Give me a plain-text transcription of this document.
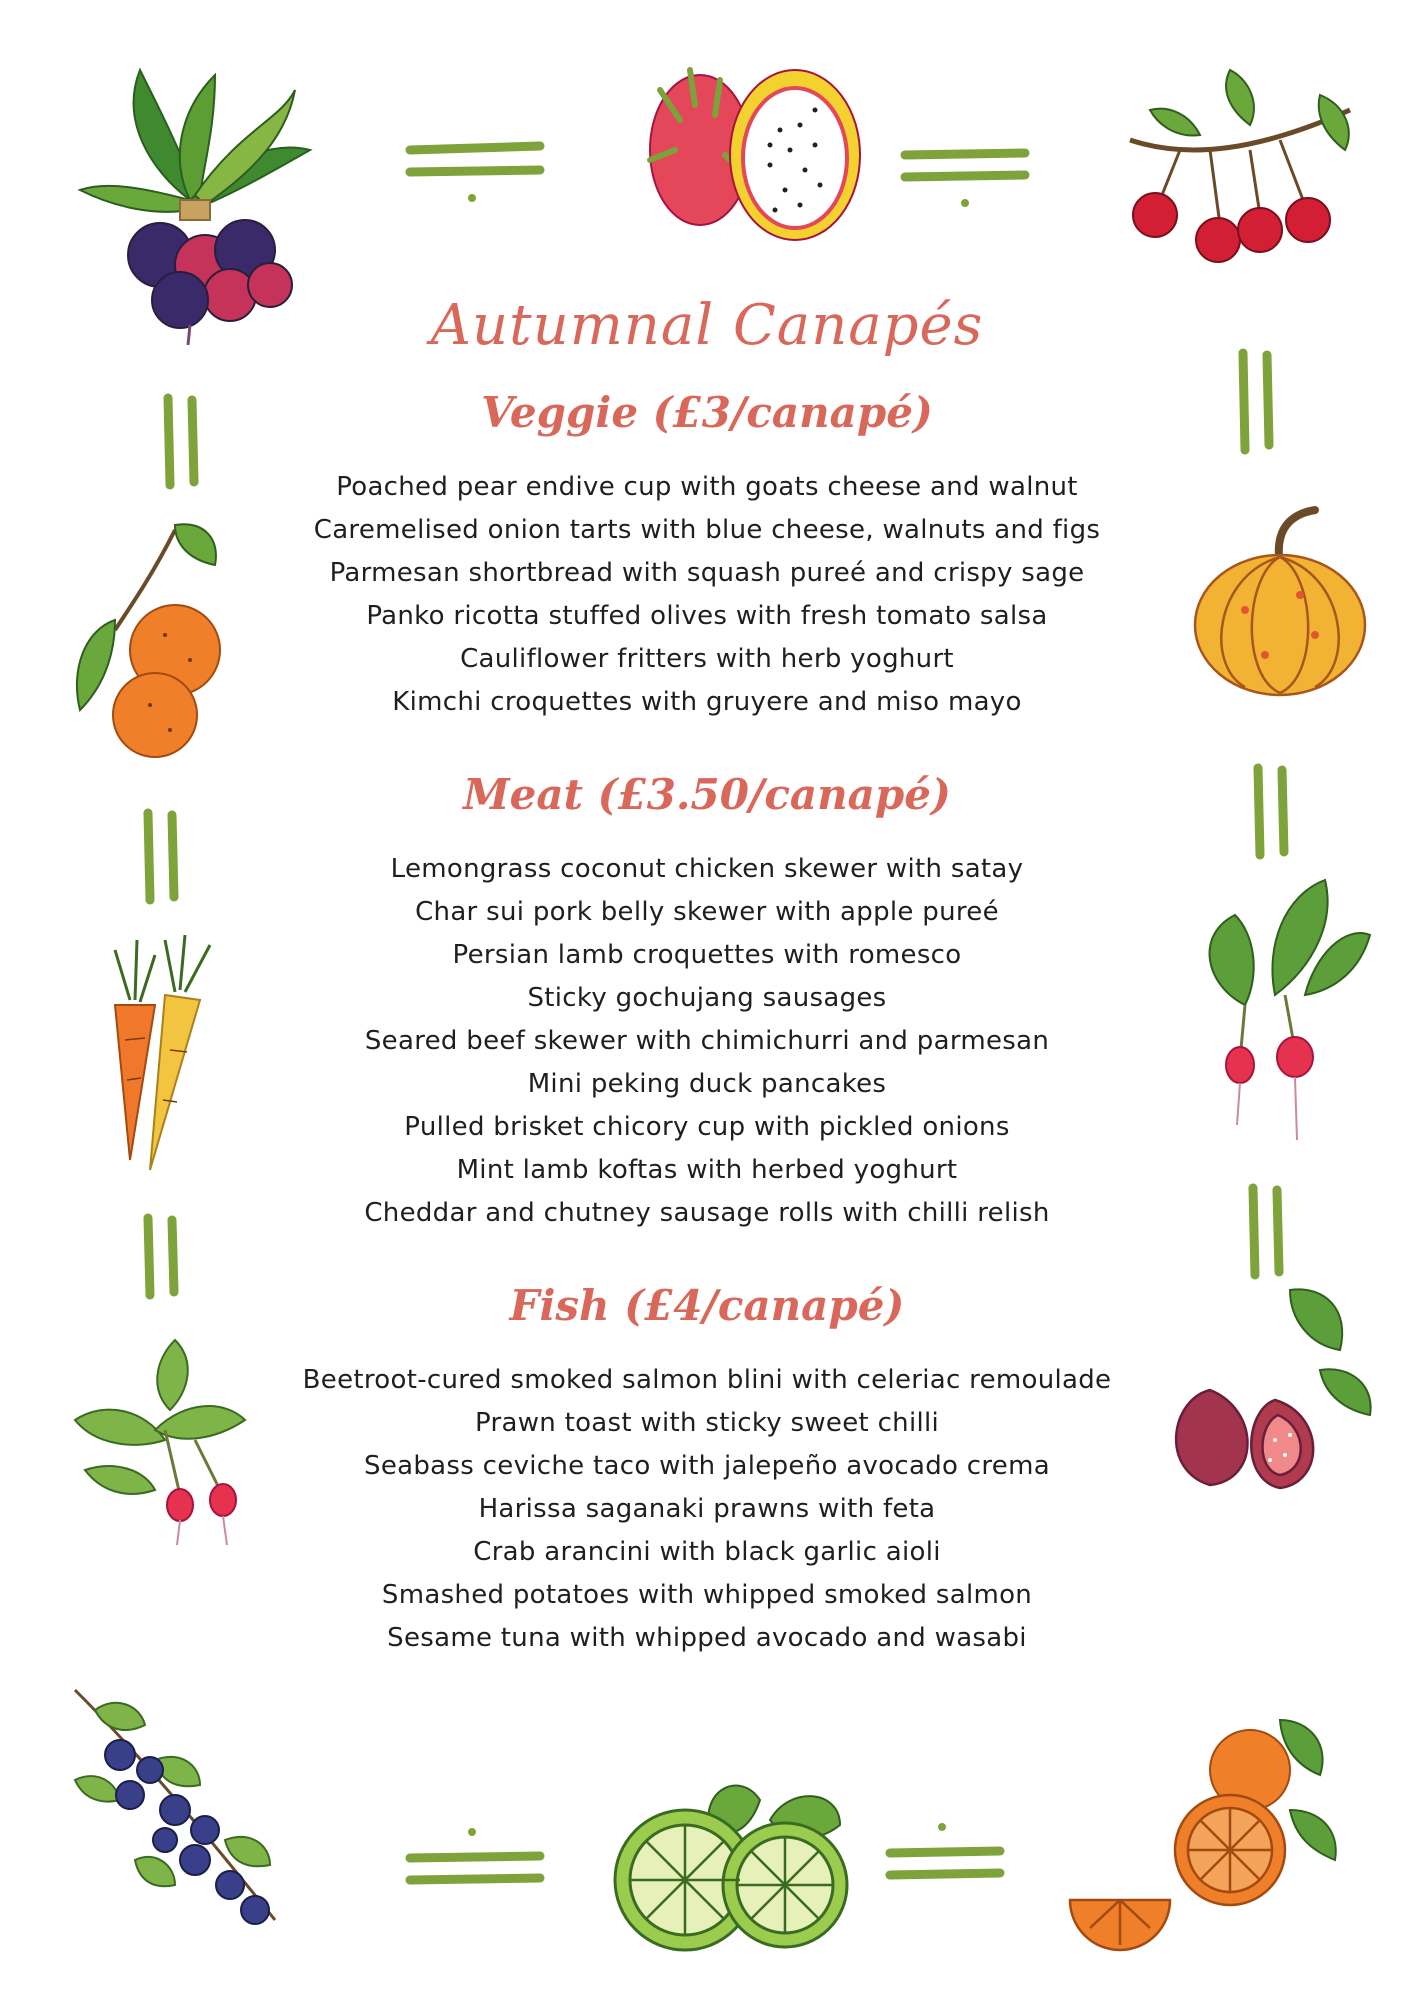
Autumnal Canapés
Veggie (£3/canapé)
Poached pear endive cup with goats cheese and walnut
Caremelised onion tarts with blue cheese, walnuts and figs
Parmesan shortbread with squash pureé and crispy sage
Panko ricotta stuffed olives with fresh tomato salsa
Cauliflower fritters with herb yoghurt
Kimchi croquettes with gruyere and miso mayo
Meat (£3.50/canapé)
Lemongrass coconut chicken skewer with satay
Char sui pork belly skewer with apple pureé
Persian lamb croquettes with romesco
Sticky gochujang sausages
Seared beef skewer with chimichurri and parmesan
Mini peking duck pancakes
Pulled brisket chicory cup with pickled onions
Mint lamb koftas with herbed yoghurt
Cheddar and chutney sausage rolls with chilli relish
Fish (£4/canapé)
Beetroot-cured smoked salmon blini with celeriac remoulade
Prawn toast with sticky sweet chilli
Seabass ceviche taco with jalepeño avocado crema
Harissa saganaki prawns with feta
Crab arancini with black garlic aioli
Smashed potatoes with whipped smoked salmon
Sesame tuna with whipped avocado and wasabi
